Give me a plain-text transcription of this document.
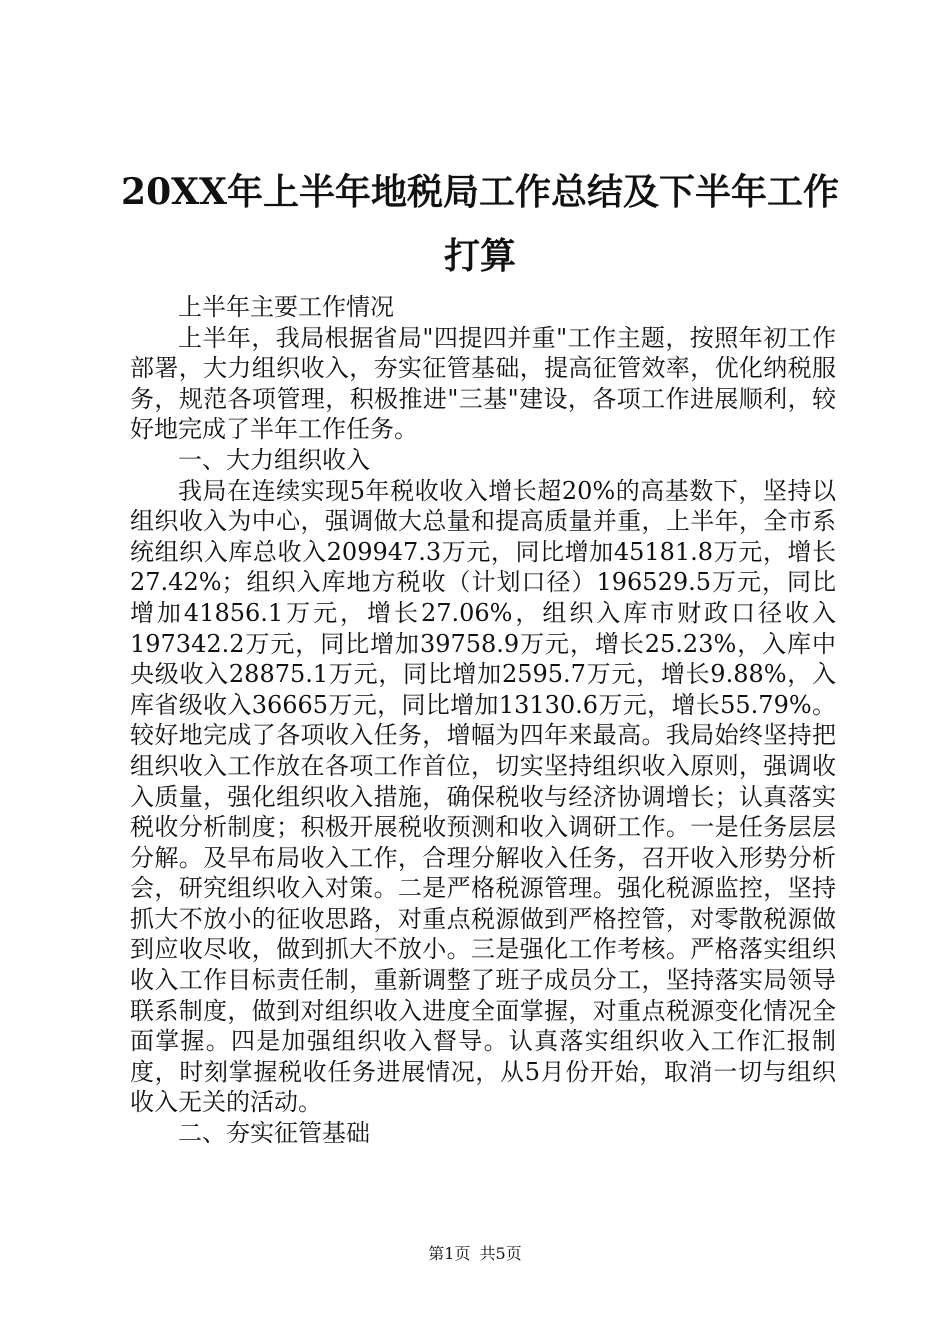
20XX年上半年地税局工作总结及下半年工作
打算

上半年主要工作情况

上半年，我局根据省局"四提四并重"工作主题，按照年初工作部署，大力组织收入，夯实征管基础，提高征管效率，优化纳税服务，规范各项管理，积极推进"三基"建设，各项工作进展顺利，较好地完成了半年工作任务。

一、大力组织收入

我局在连续实现5年税收收入增长超20%的高基数下，坚持以组织收入为中心，强调做大总量和提高质量并重，上半年，全市系统组织入库总收入209947.3万元，同比增加45181.8万元，增长27.42%；组织入库地方税收（计划口径）196529.5万元，同比增加41856.1万元，增长27.06%，组织入库市财政口径收入197342.2万元，同比增加39758.9万元，增长25.23%，入库中央级收入28875.1万元，同比增加2595.7万元，增长9.88%，入库省级收入36665万元，同比增加13130.6万元，增长55.79%。较好地完成了各项收入任务，增幅为四年来最高。我局始终坚持把组织收入工作放在各项工作首位，切实坚持组织收入原则，强调收入质量，强化组织收入措施，确保税收与经济协调增长；认真落实税收分析制度；积极开展税收预测和收入调研工作。一是任务层层分解。及早布局收入工作，合理分解收入任务，召开收入形势分析会，研究组织收入对策。二是严格税源管理。强化税源监控，坚持抓大不放小的征收思路，对重点税源做到严格控管，对零散税源做到应收尽收，做到抓大不放小。三是强化工作考核。严格落实组织收入工作目标责任制，重新调整了班子成员分工，坚持落实局领导联系制度，做到对组织收入进度全面掌握，对重点税源变化情况全面掌握。四是加强组织收入督导。认真落实组织收入工作汇报制度，时刻掌握税收任务进展情况，从5月份开始，取消一切与组织收入无关的活动。

二、夯实征管基础

第1页 共5页
